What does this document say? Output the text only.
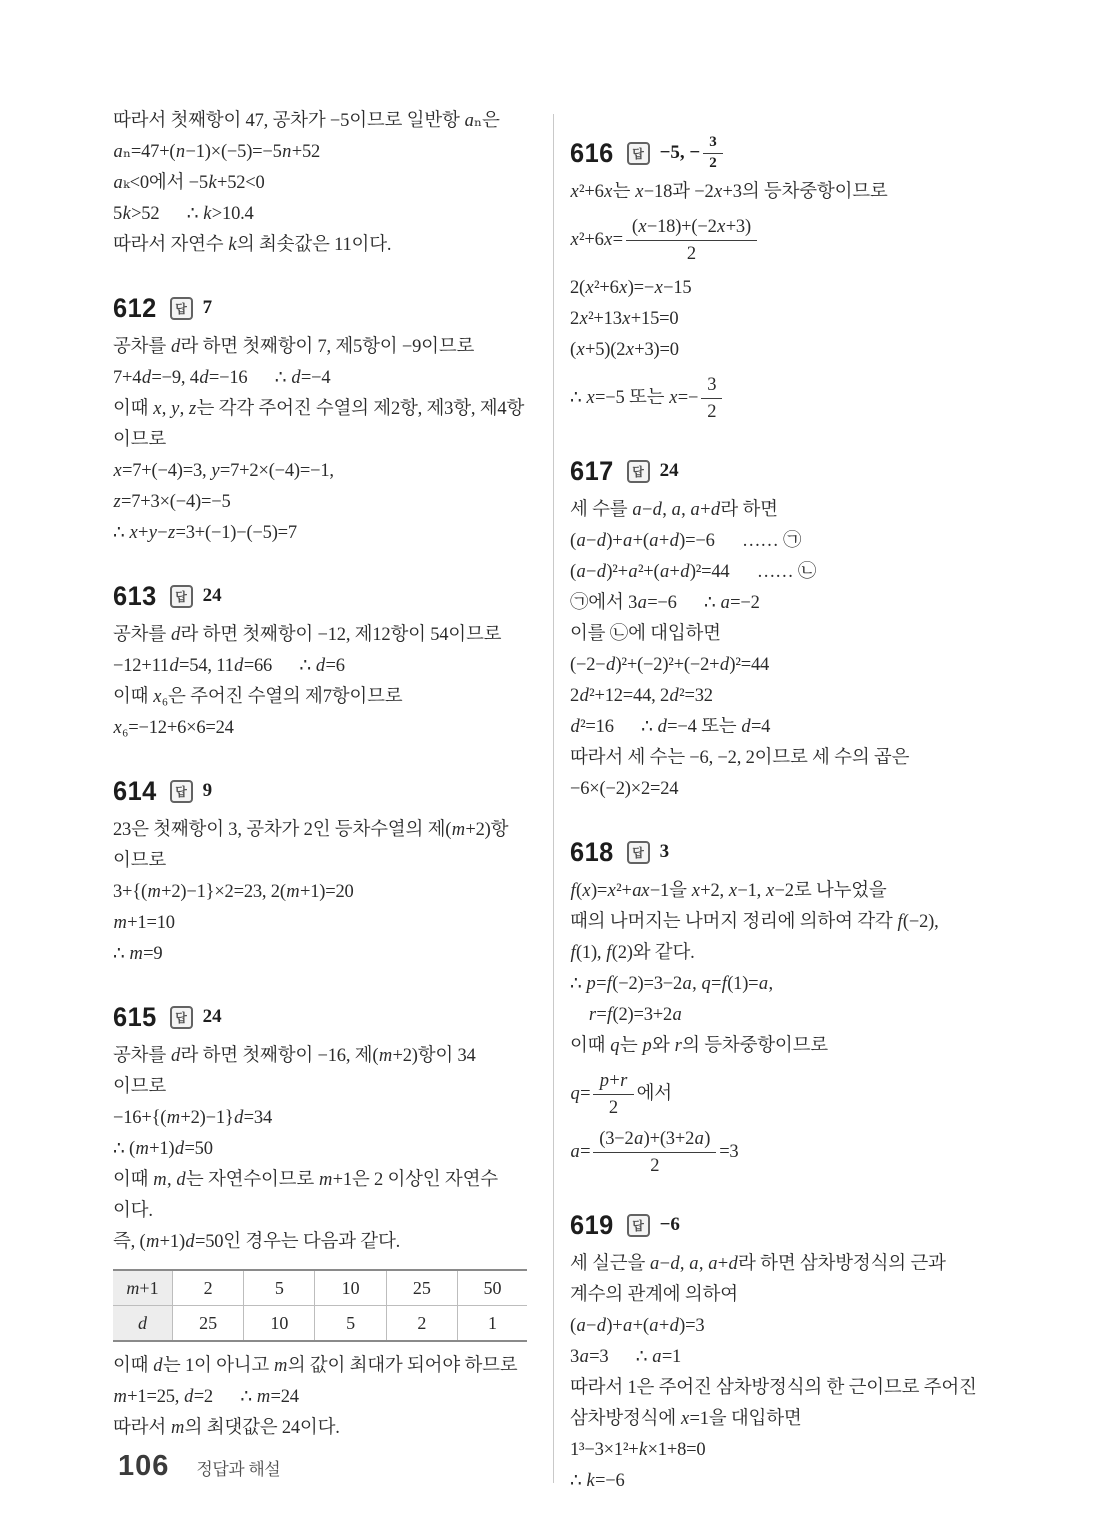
따라서 첫째항이 47, 공차가 −5이므로 일반항 aₙ은
aₙ=47+(n−1)×(−5)=−5n+52
aₖ<0에서 −5k+52<0
5k>52  ∴ k>10.4
따라서 자연수 k의 최솟값은 11이다.
612	답 7
공차를 d라 하면 첫째항이 7, 제5항이 −9이므로
7+4d=−9, 4d=−16  ∴ d=−4
이때 x, y, z는 각각 주어진 수열의 제2항, 제3항, 제4항
이므로
x=7+(−4)=3, y=7+2×(−4)=−1,
z=7+3×(−4)=−5
∴ x+y−z=3+(−1)−(−5)=7
613	답 24
공차를 d라 하면 첫째항이 −12, 제12항이 54이므로
−12+11d=54, 11d=66  ∴ d=6
이때 x₆은 주어진 수열의 제7항이므로
x₆=−12+6×6=24
614	답 9
23은 첫째항이 3, 공차가 2인 등차수열의 제(m+2)항
이므로
3+{(m+2)−1}×2=23, 2(m+1)=20
m+1=10
∴ m=9
615	답 24
공차를 d라 하면 첫째항이 −16, 제(m+2)항이 34
이므로
−16+{(m+2)−1}d=34
∴ (m+1)d=50
이때 m, d는 자연수이므로 m+1은 2 이상인 자연수
이다.
즉, (m+1)d=50인 경우는 다음과 같다.
m+1	2	5	10	25	50
d	25	10	5	2	1
이때 d는 1이 아니고 m의 값이 최대가 되어야 하므로
m+1=25, d=2  ∴ m=24
따라서 m의 최댓값은 24이다.
616	답 −5, − $\frac{3}{2}$
x²+6x는 x−18과 −2x+3의 등차중항이므로
$x^2+6x= \frac{(x-18)+(-2x+3)}{2}$
2(x²+6x)=−x−15
2x²+13x+15=0
(x+5)(2x+3)=0
∴ x=−5 또는 $x=- \frac{3}{2}$
617	답 24
세 수를 a−d, a, a+d라 하면
(a−d)+a+(a+d)=−6  …… ㉠
(a−d)²+a²+(a+d)²=44  …… ㉡
㉠에서 3a=−6  ∴ a=−2
이를 ㉡에 대입하면
(−2−d)²+(−2)²+(−2+d)²=44
2d²+12=44, 2d²=32
d²=16  ∴ d=−4 또는 d=4
따라서 세 수는 −6, −2, 2이므로 세 수의 곱은
−6×(−2)×2=24
618	답 3
f(x)=x²+ax−1을 x+2, x−1, x−2로 나누었을
때의 나머지는 나머지 정리에 의하여 각각 f(−2),
f(1), f(2)와 같다.
∴ p=f(−2)=3−2a, q=f(1)=a,
 r=f(2)=3+2a
이때 q는 p와 r의 등차중항이므로
$q= \frac{p+r}{2}$ 에서
$a= \frac{(3-2a)+(3+2a)}{2} =3$
619	답 −6
세 실근을 a−d, a, a+d라 하면 삼차방정식의 근과
계수의 관계에 의하여
(a−d)+a+(a+d)=3
3a=3  ∴ a=1
따라서 1은 주어진 삼차방정식의 한 근이므로 주어진
삼차방정식에 x=1을 대입하면
1³−3×1²+k×1+8=0
∴ k=−6
106 정답과 해설
